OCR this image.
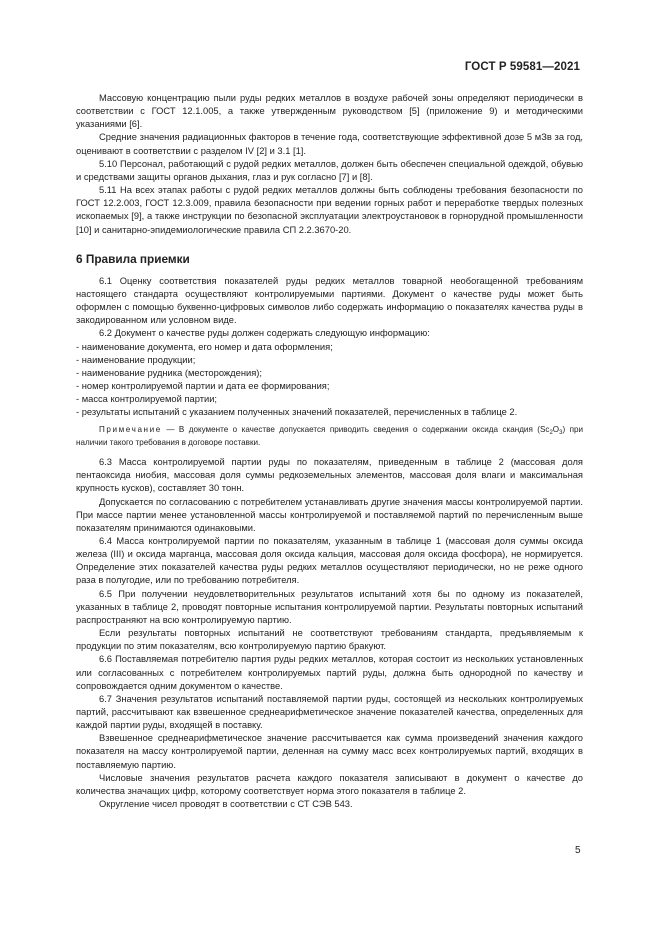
ГОСТ Р 59581—2021

Массовую концентрацию пыли руды редких металлов в воздухе рабочей зоны определяют периодически в соответствии с ГОСТ 12.1.005, а также утвержденным руководством [5] (приложение 9) и методическими указаниями [6].

Средние значения радиационных факторов в течение года, соответствующие эффективной дозе 5 мЗв за год, оценивают в соответствии с разделом IV [2] и 3.1 [1].

5.10 Персонал, работающий с рудой редких металлов, должен быть обеспечен специальной одеждой, обувью и средствами защиты органов дыхания, глаз и рук согласно [7] и [8].

5.11 На всех этапах работы с рудой редких металлов должны быть соблюдены требования безопасности по ГОСТ 12.2.003, ГОСТ 12.3.009, правила безопасности при ведении горных работ и переработке твердых полезных ископаемых [9], а также инструкции по безопасной эксплуатации электроустановок в горнорудной промышленности [10] и санитарно-эпидемиологические правила СП 2.2.3670-20.

6 Правила приемки

6.1 Оценку соответствия показателей руды редких металлов товарной необогащенной требованиям настоящего стандарта осуществляют контролируемыми партиями. Документ о качестве руды может быть оформлен с помощью буквенно-цифровых символов либо содержать информацию о показателях качества руды в закодированном или условном виде.

6.2 Документ о качестве руды должен содержать следующую информацию:

- наименование документа, его номер и дата оформления;

- наименование продукции;

- наименование рудника (месторождения);

- номер контролируемой партии и дата ее формирования;

- масса контролируемой партии;

- результаты испытаний с указанием полученных значений показателей, перечисленных в таблице 2.

Примечание — В документе о качестве допускается приводить сведения о содержании оксида скандия $(Sc_2O_3)$ при наличии такого требования в договоре поставки.

6.3 Масса контролируемой партии руды по показателям, приведенным в таблице 2 (массовая доля пентаоксида ниобия, массовая доля суммы редкоземельных элементов, массовая доля влаги и максимальная крупность кусков), составляет 30 тонн.

Допускается по согласованию с потребителем устанавливать другие значения массы контролируемой партии. При массе партии менее установленной массы контролируемой и поставляемой партий по перечисленным выше показателям принимаются одинаковыми.

6.4 Масса контролируемой партии по показателям, указанным в таблице 1 (массовая доля суммы оксида железа (III) и оксида марганца, массовая доля оксида кальция, массовая доля оксида фосфора), не нормируется. Определение этих показателей качества руды редких металлов осуществляют периодически, но не реже одного раза в полугодие, или по требованию потребителя.

6.5 При получении неудовлетворительных результатов испытаний хотя бы по одному из показателей, указанных в таблице 2, проводят повторные испытания контролируемой партии. Результаты повторных испытаний распространяют на всю контролируемую партию.

Если результаты повторных испытаний не соответствуют требованиям стандарта, предъявляемым к продукции по этим показателям, всю контролируемую партию бракуют.

6.6 Поставляемая потребителю партия руды редких металлов, которая состоит из нескольких установленных или согласованных с потребителем контролируемых партий руды, должна быть однородной по качеству и сопровождается одним документом о качестве.

6.7 Значения результатов испытаний поставляемой партии руды, состоящей из нескольких контролируемых партий, рассчитывают как взвешенное среднеарифметическое значение показателей качества, определенных для каждой партии руды, входящей в поставку.

Взвешенное среднеарифметическое значение рассчитывается как сумма произведений значения каждого показателя на массу контролируемой партии, деленная на сумму масс всех контролируемых партий, входящих в поставляемую партию.

Числовые значения результатов расчета каждого показателя записывают в документ о качестве до количества значащих цифр, которому соответствует норма этого показателя в таблице 2.

Округление чисел проводят в соответствии с СТ СЭВ 543.

5
